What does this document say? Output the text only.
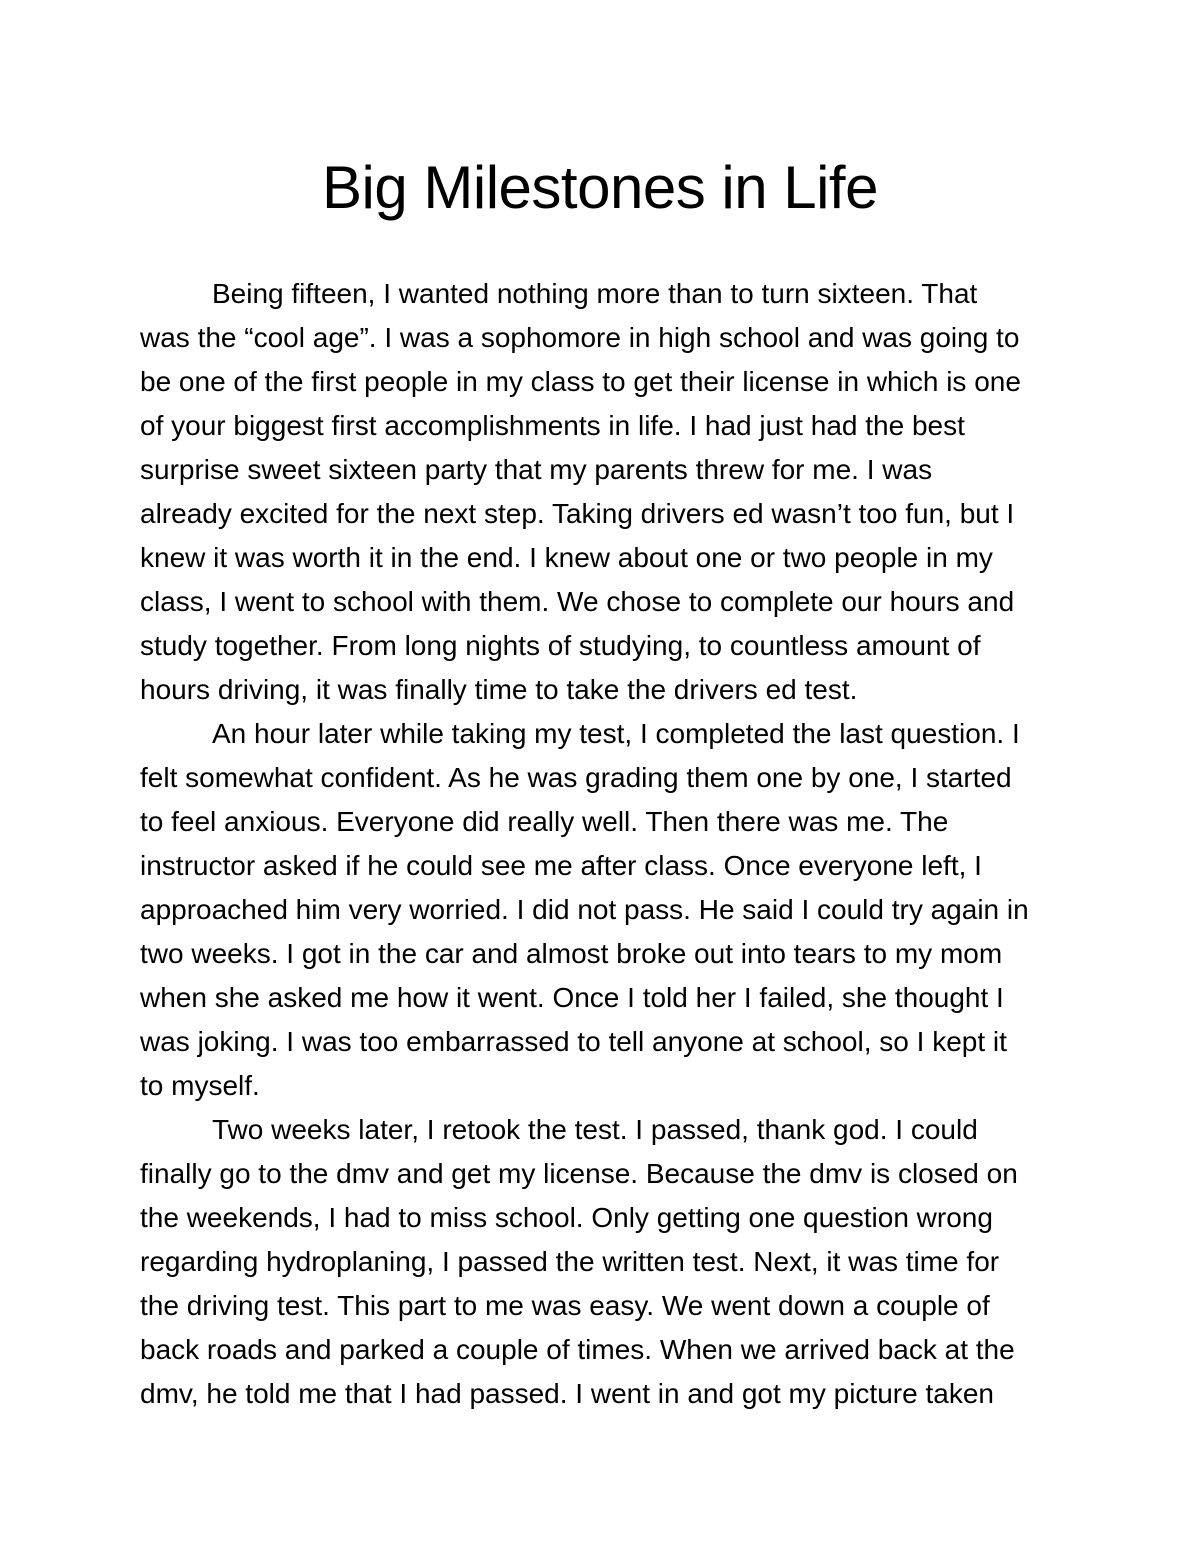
Big Milestones in Life
Being fifteen, I wanted nothing more than to turn sixteen. That
was the “cool age”. I was a sophomore in high school and was going to
be one of the first people in my class to get their license in which is one
of your biggest first accomplishments in life. I had just had the best
surprise sweet sixteen party that my parents threw for me. I was
already excited for the next step. Taking drivers ed wasn’t too fun, but I
knew it was worth it in the end. I knew about one or two people in my
class, I went to school with them. We chose to complete our hours and
study together. From long nights of studying, to countless amount of
hours driving, it was finally time to take the drivers ed test.
An hour later while taking my test, I completed the last question. I
felt somewhat confident. As he was grading them one by one, I started
to feel anxious. Everyone did really well. Then there was me. The
instructor asked if he could see me after class. Once everyone left, I
approached him very worried. I did not pass. He said I could try again in
two weeks. I got in the car and almost broke out into tears to my mom
when she asked me how it went. Once I told her I failed, she thought I
was joking. I was too embarrassed to tell anyone at school, so I kept it
to myself.
Two weeks later, I retook the test. I passed, thank god. I could
finally go to the dmv and get my license. Because the dmv is closed on
the weekends, I had to miss school. Only getting one question wrong
regarding hydroplaning, I passed the written test. Next, it was time for
the driving test. This part to me was easy. We went down a couple of
back roads and parked a couple of times. When we arrived back at the
dmv, he told me that I had passed. I went in and got my picture taken
